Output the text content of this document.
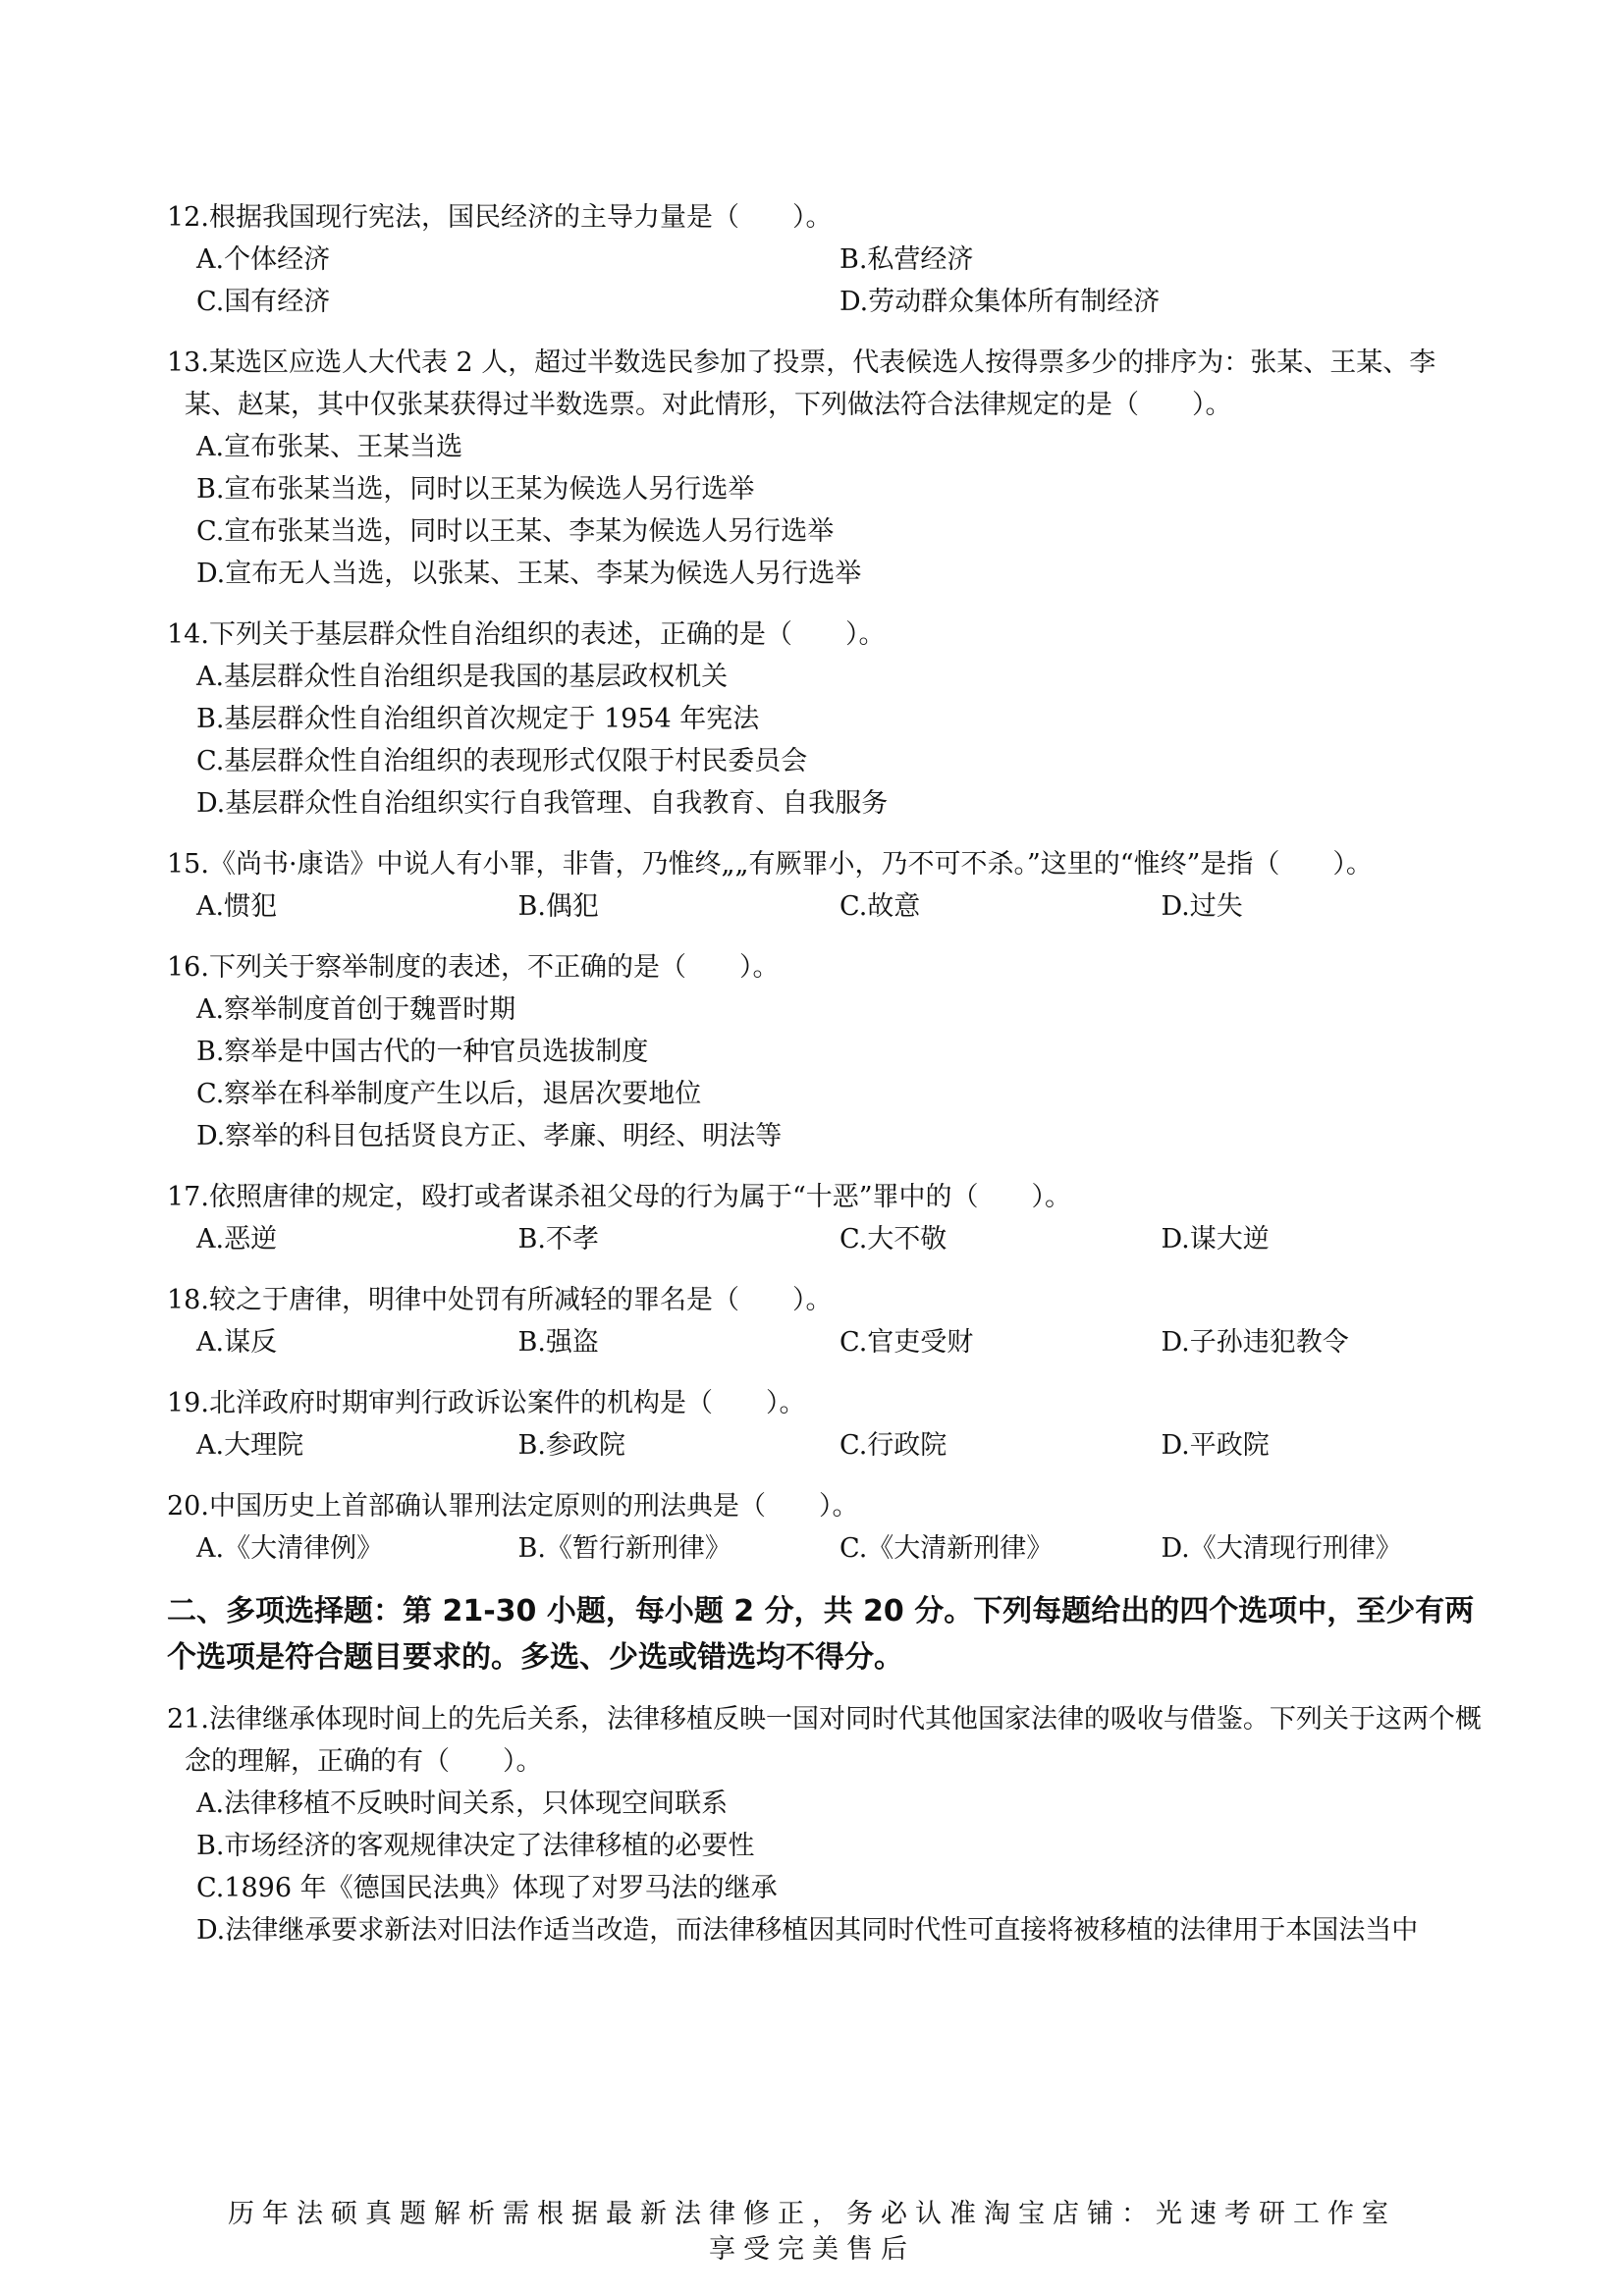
12.根据我国现行宪法，国民经济的主导力量是（　　）。

A.个体经济	B.私营经济
C.国有经济	D.劳动群众集体所有制经济

13.某选区应选人大代表 2 人，超过半数选民参加了投票，代表候选人按得票多少的排序为：张某、王某、李某、赵某，其中仅张某获得过半数选票。对此情形，下列做法符合法律规定的是（　　）。

A.宣布张某、王某当选
B.宣布张某当选，同时以王某为候选人另行选举
C.宣布张某当选，同时以王某、李某为候选人另行选举
D.宣布无人当选，以张某、王某、李某为候选人另行选举

14.下列关于基层群众性自治组织的表述，正确的是（　　）。

A.基层群众性自治组织是我国的基层政权机关
B.基层群众性自治组织首次规定于 1954 年宪法
C.基层群众性自治组织的表现形式仅限于村民委员会
D.基层群众性自治组织实行自我管理、自我教育、自我服务

15.《尚书·康诰》中说人有小罪，非眚，乃惟终„„有厥罪小，乃不可不杀。”这里的“惟终”是指（　　）。

A.惯犯	B.偶犯	C.故意	D.过失

16.下列关于察举制度的表述，不正确的是（　　）。

A.察举制度首创于魏晋时期
B.察举是中国古代的一种官员选拔制度
C.察举在科举制度产生以后，退居次要地位
D.察举的科目包括贤良方正、孝廉、明经、明法等

17.依照唐律的规定，殴打或者谋杀祖父母的行为属于“十恶”罪中的（　　）。

A.恶逆	B.不孝	C.大不敬	D.谋大逆

18.较之于唐律，明律中处罚有所减轻的罪名是（　　）。

A.谋反	B.强盗	C.官吏受财	D.子孙违犯教令

19.北洋政府时期审判行政诉讼案件的机构是（　　）。

A.大理院	B.参政院	C.行政院	D.平政院

20.中国历史上首部确认罪刑法定原则的刑法典是（　　）。

A.《大清律例》	B.《暂行新刑律》	C.《大清新刑律》	D.《大清现行刑律》
二、多项选择题：第 21-30 小题，每小题 2 分，共 20 分。下列每题给出的四个选项中，至少有两个选项是符合题目要求的。多选、少选或错选均不得分。

21.法律继承体现时间上的先后关系，法律移植反映一国对同时代其他国家法律的吸收与借鉴。下列关于这两个概念的理解，正确的有（　　）。

A.法律移植不反映时间关系，只体现空间联系
B.市场经济的客观规律决定了法律移植的必要性
C.1896 年《德国民法典》体现了对罗马法的继承
D.法律继承要求新法对旧法作适当改造，而法律移植因其同时代性可直接将被移植的法律用于本国法当中
历年法硕真题解析需根据最新法律修正，务必认准淘宝店铺：光速考研工作室
享受完美售后
